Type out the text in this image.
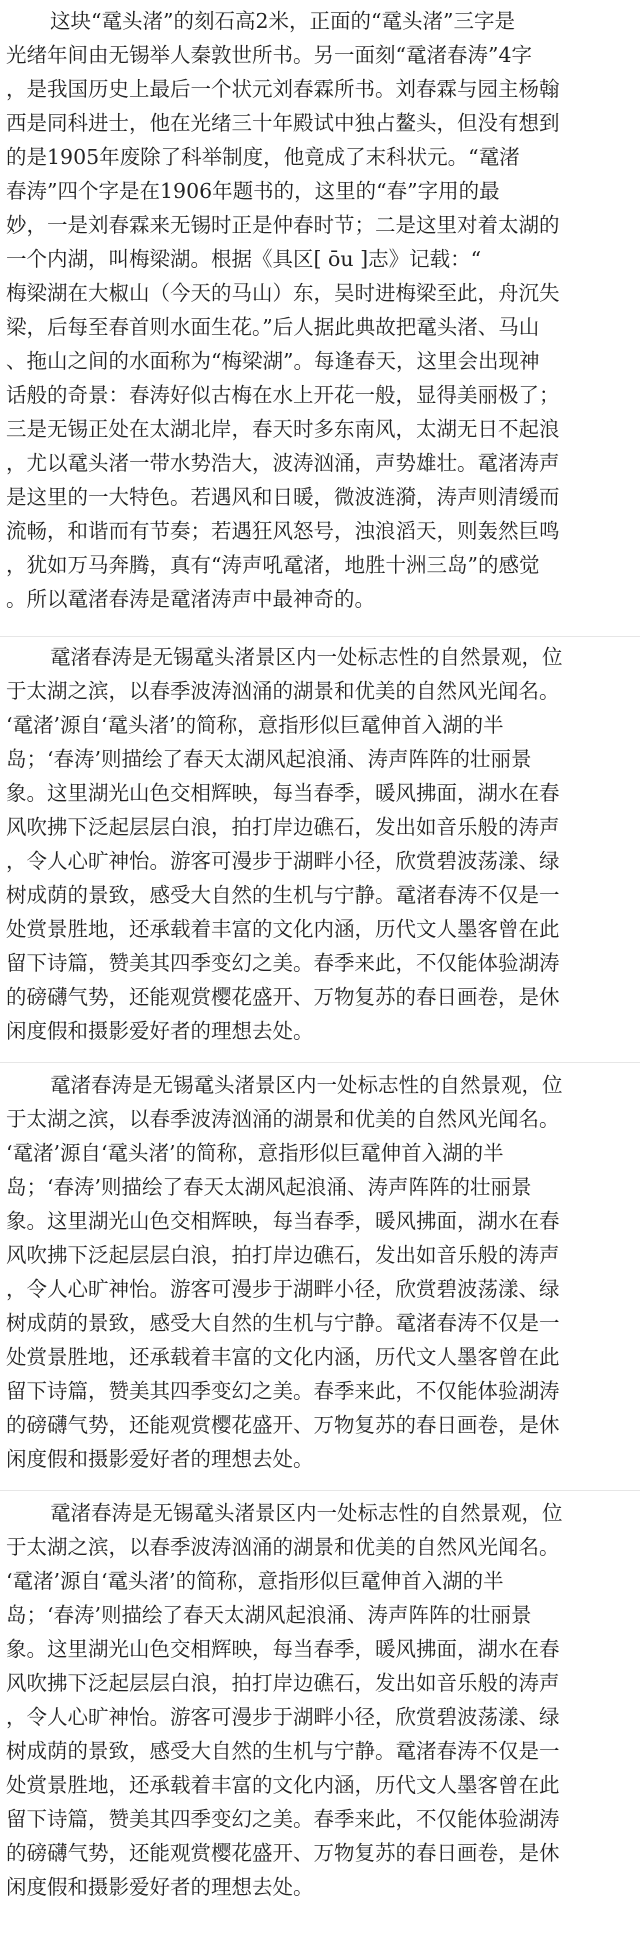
这块“鼋头渚”的刻石高2米，正面的“鼋头渚”三字是
光绪年间由无锡举人秦敦世所书。另一面刻“鼋渚春涛”4字
，是我国历史上最后一个状元刘春霖所书。刘春霖与园主杨翰
西是同科进士，他在光绪三十年殿试中独占鳌头，但没有想到
的是1905年废除了科举制度，他竟成了末科状元。“鼋渚
春涛”四个字是在1906年题书的，这里的“春”字用的最
妙，一是刘春霖来无锡时正是仲春时节；二是这里对着太湖的
一个内湖，叫梅梁湖。根据《具区[ ōu ]志》记载：“
梅梁湖在大椒山（今天的马山）东，吴时进梅梁至此，舟沉失
梁，后每至春首则水面生花。”后人据此典故把鼋头渚、马山
、拖山之间的水面称为“梅梁湖”。每逢春天，这里会出现神
话般的奇景：春涛好似古梅在水上开花一般，显得美丽极了；
三是无锡正处在太湖北岸，春天时多东南风，太湖无日不起浪
，尤以鼋头渚一带水势浩大，波涛汹涌，声势雄壮。鼋渚涛声
是这里的一大特色。若遇风和日暖，微波涟漪，涛声则清缓而
流畅，和谐而有节奏；若遇狂风怒号，浊浪滔天，则轰然巨鸣
，犹如万马奔腾，真有“涛声吼鼋渚，地胜十洲三岛”的感觉
。所以鼋渚春涛是鼋渚涛声中最神奇的。
鼋渚春涛是无锡鼋头渚景区内一处标志性的自然景观，位
于太湖之滨，以春季波涛汹涌的湖景和优美的自然风光闻名。
‘鼋渚’源自‘鼋头渚’的简称，意指形似巨鼋伸首入湖的半
岛；‘春涛’则描绘了春天太湖风起浪涌、涛声阵阵的壮丽景
象。这里湖光山色交相辉映，每当春季，暖风拂面，湖水在春
风吹拂下泛起层层白浪，拍打岸边礁石，发出如音乐般的涛声
，令人心旷神怡。游客可漫步于湖畔小径，欣赏碧波荡漾、绿
树成荫的景致，感受大自然的生机与宁静。鼋渚春涛不仅是一
处赏景胜地，还承载着丰富的文化内涵，历代文人墨客曾在此
留下诗篇，赞美其四季变幻之美。春季来此，不仅能体验湖涛
的磅礴气势，还能观赏樱花盛开、万物复苏的春日画卷，是休
闲度假和摄影爱好者的理想去处。
鼋渚春涛是无锡鼋头渚景区内一处标志性的自然景观，位
于太湖之滨，以春季波涛汹涌的湖景和优美的自然风光闻名。
‘鼋渚’源自‘鼋头渚’的简称，意指形似巨鼋伸首入湖的半
岛；‘春涛’则描绘了春天太湖风起浪涌、涛声阵阵的壮丽景
象。这里湖光山色交相辉映，每当春季，暖风拂面，湖水在春
风吹拂下泛起层层白浪，拍打岸边礁石，发出如音乐般的涛声
，令人心旷神怡。游客可漫步于湖畔小径，欣赏碧波荡漾、绿
树成荫的景致，感受大自然的生机与宁静。鼋渚春涛不仅是一
处赏景胜地，还承载着丰富的文化内涵，历代文人墨客曾在此
留下诗篇，赞美其四季变幻之美。春季来此，不仅能体验湖涛
的磅礴气势，还能观赏樱花盛开、万物复苏的春日画卷，是休
闲度假和摄影爱好者的理想去处。
鼋渚春涛是无锡鼋头渚景区内一处标志性的自然景观，位
于太湖之滨，以春季波涛汹涌的湖景和优美的自然风光闻名。
‘鼋渚’源自‘鼋头渚’的简称，意指形似巨鼋伸首入湖的半
岛；‘春涛’则描绘了春天太湖风起浪涌、涛声阵阵的壮丽景
象。这里湖光山色交相辉映，每当春季，暖风拂面，湖水在春
风吹拂下泛起层层白浪，拍打岸边礁石，发出如音乐般的涛声
，令人心旷神怡。游客可漫步于湖畔小径，欣赏碧波荡漾、绿
树成荫的景致，感受大自然的生机与宁静。鼋渚春涛不仅是一
处赏景胜地，还承载着丰富的文化内涵，历代文人墨客曾在此
留下诗篇，赞美其四季变幻之美。春季来此，不仅能体验湖涛
的磅礴气势，还能观赏樱花盛开、万物复苏的春日画卷，是休
闲度假和摄影爱好者的理想去处。
